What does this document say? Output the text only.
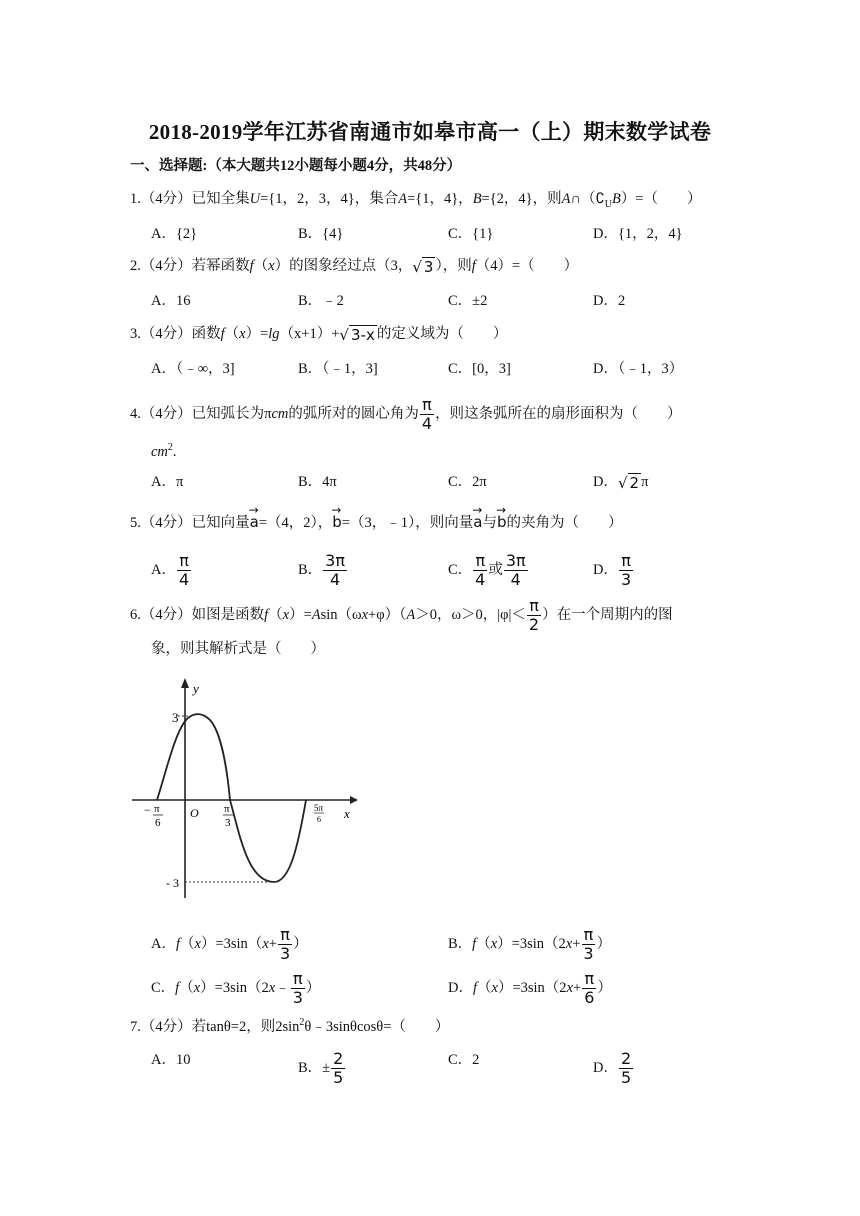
2018-2019学年江苏省南通市如皋市高一（上）期末数学试卷
一、选择题:（本大题共12小题每小题4分，共48分）
1.（4分）已知全集U={1，2，3，4}，集合A={1，4}，B={2，4}，则$A\cap(∁_UB)=$（　　）
A．{2}	B．{4}	C．{1}	D．{1，2，4}
2.（4分）若幂函数f（x）的图象经过点（3，√ 3 ），则f（4）=（　　）
A．16	B．﹣2	C．±2	D．2
3.（4分）函数f（x）=lg（x+1）+√ 3-x 的定义域为（　　）
A．（﹣∞，3]	B．（﹣1，3]	C．[0，3]	D．（﹣1，3）
4.（4分）已知弧长为πcm的弧所对的圆心角为 $\frac{\pi}{4}$ ，则这条弧所在的扇形面积为（　　）
$cm^2$.
A．π	B．4π	C．2π	D．√ 2 π
5.（4分）已知向量
→
a=（4，2），
→
b=（3，﹣1），则向量
→
a与
→
b的夹角为（　　）
A． $\frac{\pi}{4}$	B． $\frac{3\pi}{4}$	C． $\frac{\pi}{4}$ 或 $\frac{3\pi}{4}$	D． $\frac{\pi}{3}$
6.（4分）如图是函数f（x）=Asin（ωx+φ）（A＞0，ω＞0，$|\varphi|< \frac{\pi}{2}$ ）在一个周期内的图
象，则其解析式是（　　）
y
x
O
3
- 3
− π
6
π
3
5π
6
A．$f(x)=3\sin(x+ \frac{\pi}{3}$ ）	B．$f(x)=3\sin(2x+ \frac{\pi}{3}$ ）
C．f（x）=3sin（2x﹣ $\frac{\pi}{3}$ ）	D．$f(x)=3\sin(2x+ \frac{\pi}{6}$ ）
7.（4分）若tanθ=2，则$2\sin^2\theta﹣3\sin\theta\cos\theta=$（　　）
A．10	B．± $\frac{2}{5}$	C．2	D． $\frac{2}{5}$
